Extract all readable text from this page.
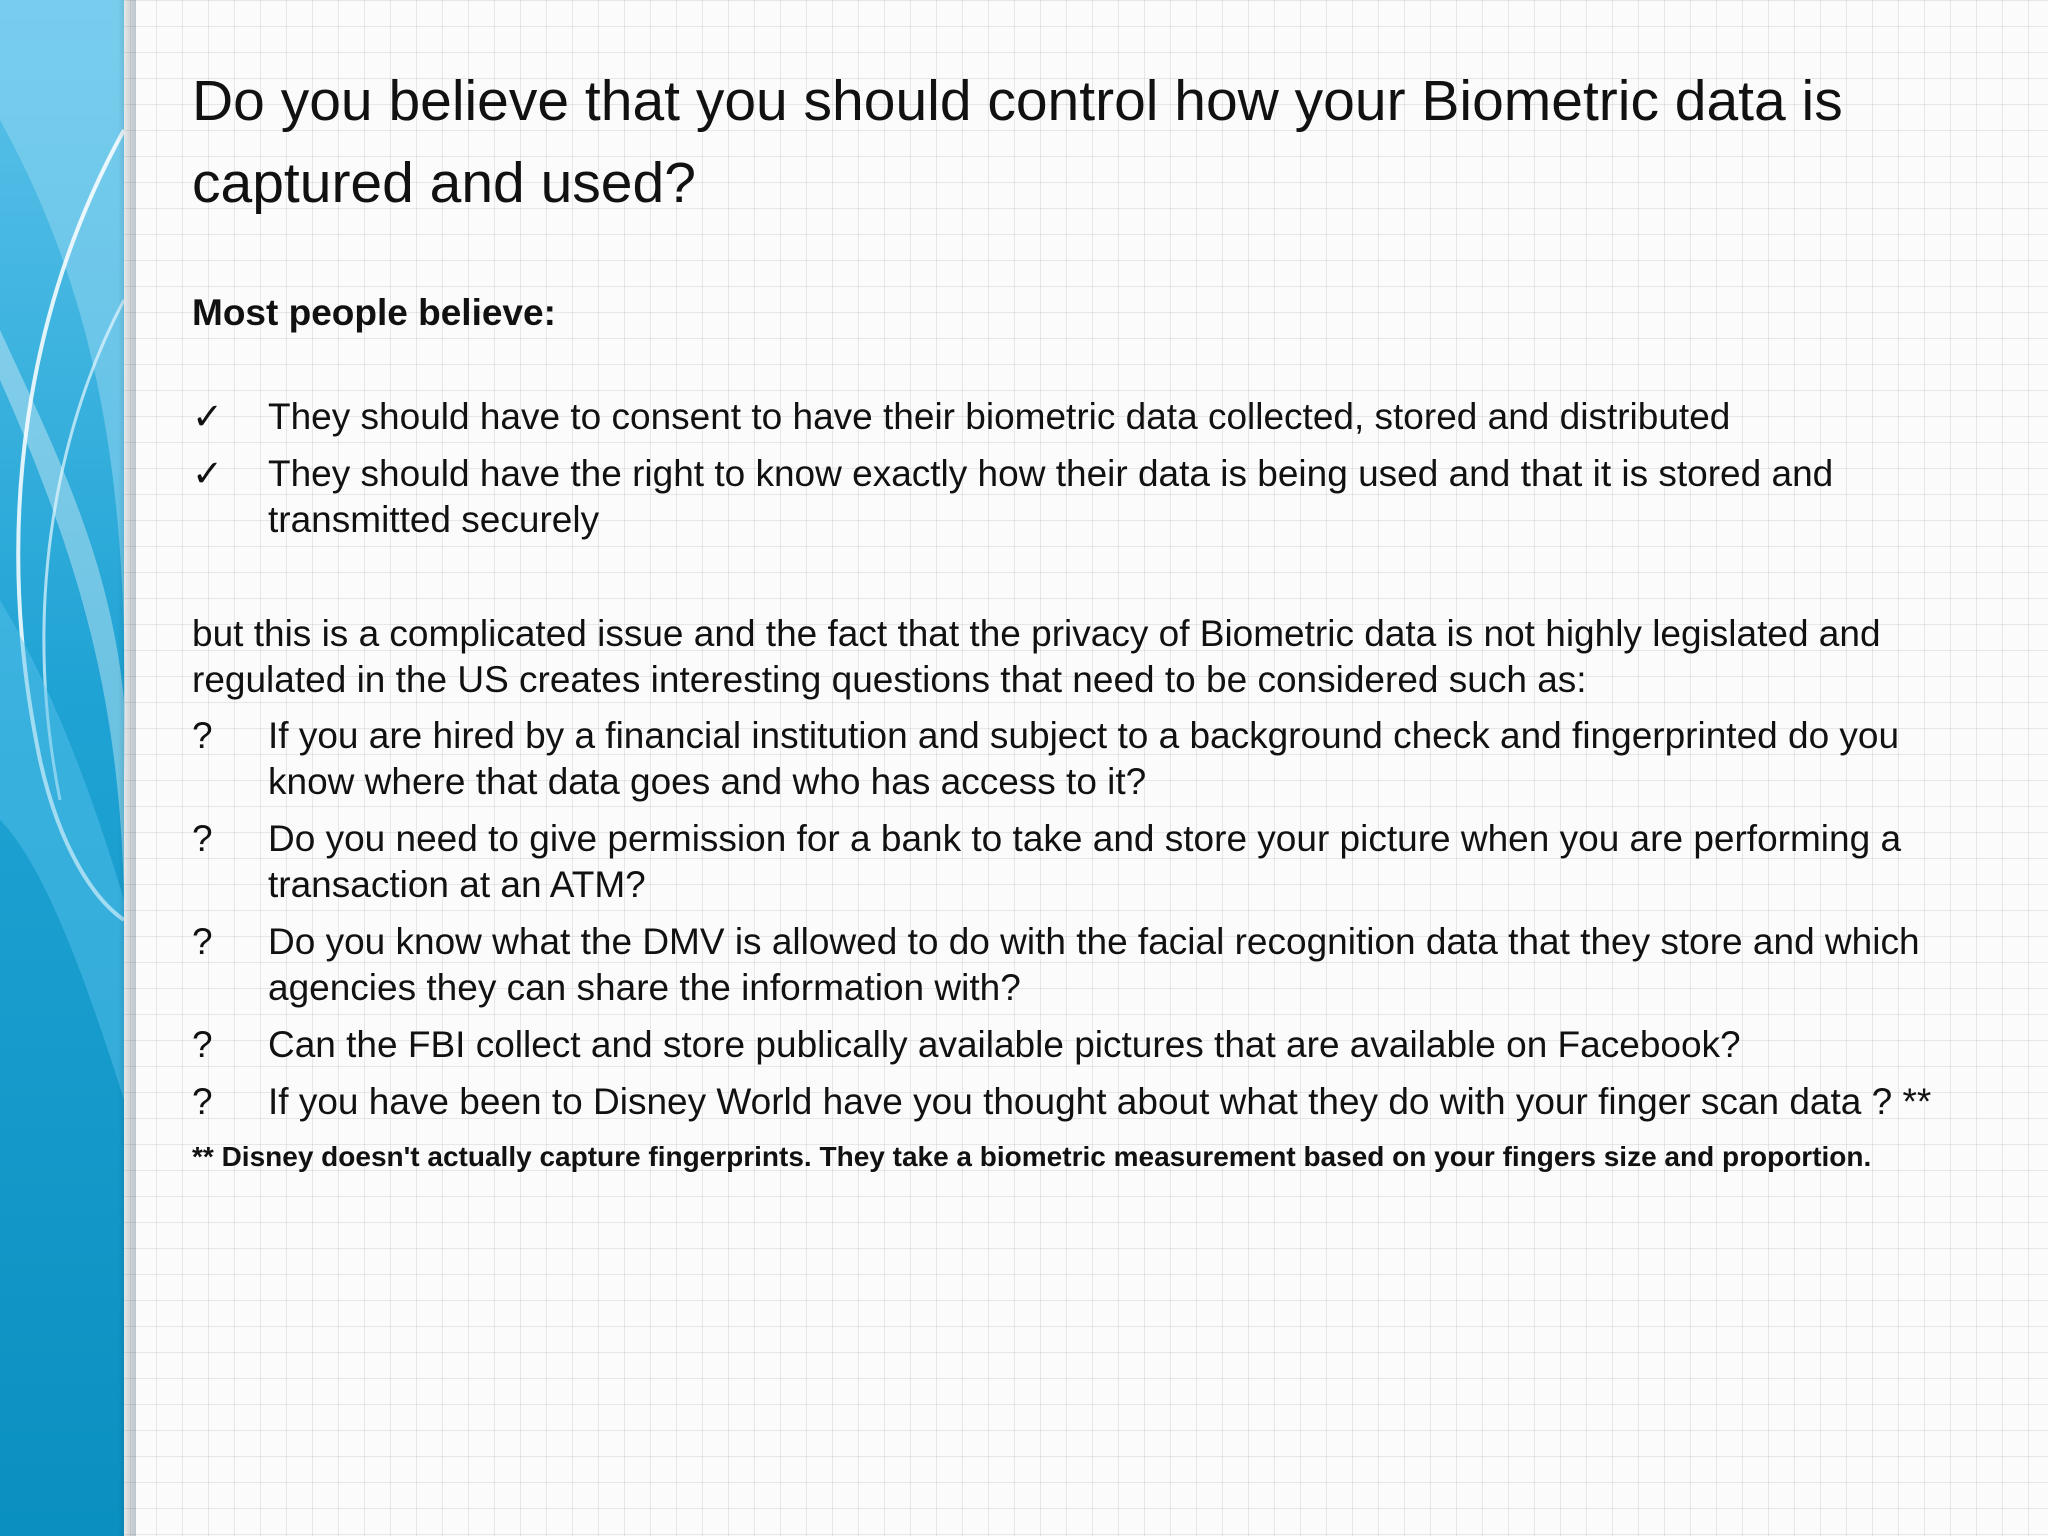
Do you believe that you should control how your Biometric data is captured and used?

Most people believe:

✓	They should have to consent to have their biometric data collected, stored and distributed
✓	They should have the right to know exactly how their data is being used and that it is stored and transmitted securely

but this is a complicated issue and the fact that the privacy of Biometric data is not highly legislated and regulated in the US creates interesting questions that need to be considered such as:

?	If you are hired by a financial institution and subject to a background check and fingerprinted do you know where that data goes and who has access to it?
?	Do you need to give permission for a bank to take and store your picture when you are performing a transaction at an ATM?
?	Do you know what the DMV is allowed to do with the facial recognition data that they store and which agencies they can share the information with?
?	Can the FBI collect and store publically available pictures that are available on Facebook?
?	If you have been to Disney World have you thought about what they do with your finger scan data ? **

** Disney doesn't actually capture fingerprints. They take a biometric measurement based on your fingers size and proportion.
